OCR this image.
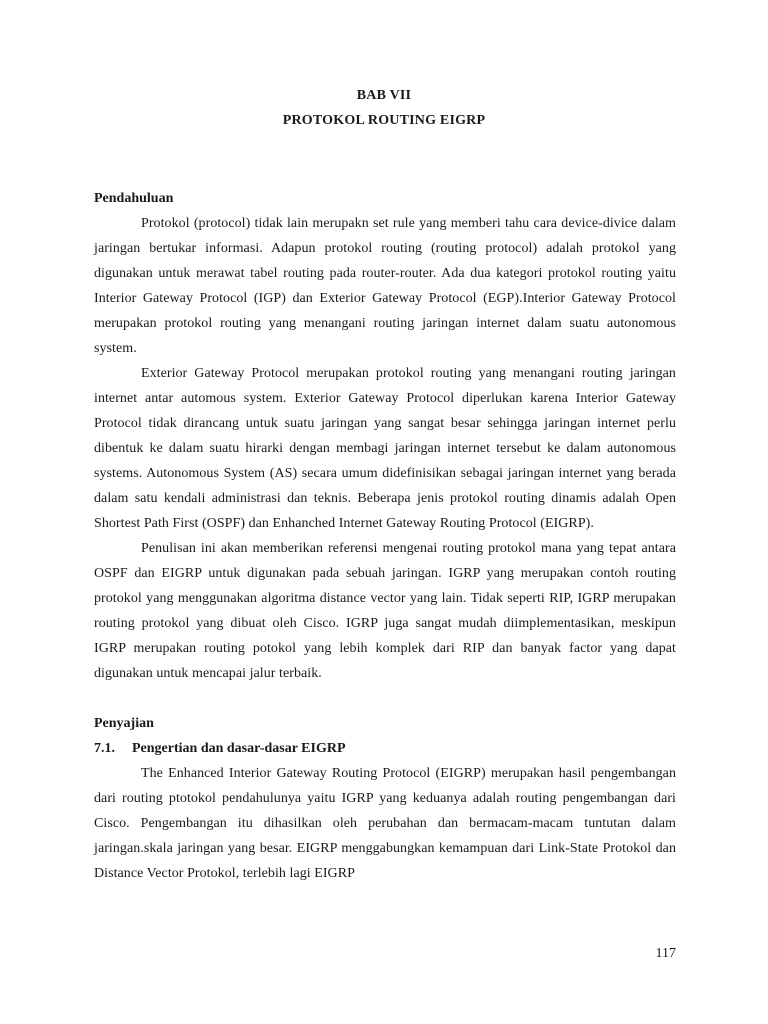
BAB VII
PROTOKOL ROUTING EIGRP

Pendahuluan

Protokol (protocol) tidak lain merupakn set rule yang memberi tahu cara device-divice dalam jaringan bertukar informasi. Adapun protokol routing (routing protocol) adalah protokol yang digunakan untuk merawat tabel routing pada router-router. Ada dua kategori protokol routing yaitu Interior Gateway Protocol (IGP) dan Exterior Gateway Protocol (EGP).Interior Gateway Protocol merupakan protokol routing yang menangani routing jaringan internet dalam suatu autonomous system.

Exterior Gateway Protocol merupakan protokol routing yang menangani routing jaringan internet antar automous system. Exterior Gateway Protocol diperlukan karena Interior Gateway Protocol tidak dirancang untuk suatu jaringan yang sangat besar sehingga jaringan internet perlu dibentuk ke dalam suatu hirarki dengan membagi jaringan internet tersebut ke dalam autonomous systems. Autonomous System (AS) secara umum didefinisikan sebagai jaringan internet yang berada dalam satu kendali administrasi dan teknis. Beberapa jenis protokol routing dinamis adalah Open Shortest Path First (OSPF) dan Enhanched Internet Gateway Routing Protocol (EIGRP).

Penulisan ini akan memberikan referensi mengenai routing protokol mana yang tepat antara OSPF dan EIGRP untuk digunakan pada sebuah jaringan. IGRP yang merupakan contoh routing protokol yang menggunakan algoritma distance vector yang lain. Tidak seperti RIP, IGRP merupakan routing protokol yang dibuat oleh Cisco. IGRP juga sangat mudah diimplementasikan, meskipun IGRP merupakan routing potokol yang lebih komplek dari RIP dan banyak factor yang dapat digunakan untuk mencapai jalur terbaik.

Penyajian

7.1. Pengertian dan dasar-dasar EIGRP

The Enhanced Interior Gateway Routing Protocol (EIGRP) merupakan hasil pengembangan dari routing ptotokol pendahulunya yaitu IGRP yang keduanya adalah routing pengembangan dari Cisco. Pengembangan itu dihasilkan oleh perubahan dan bermacam-macam tuntutan dalam jaringan.skala jaringan yang besar. EIGRP menggabungkan kemampuan dari Link-State Protokol dan Distance Vector Protokol, terlebih lagi EIGRP

117
